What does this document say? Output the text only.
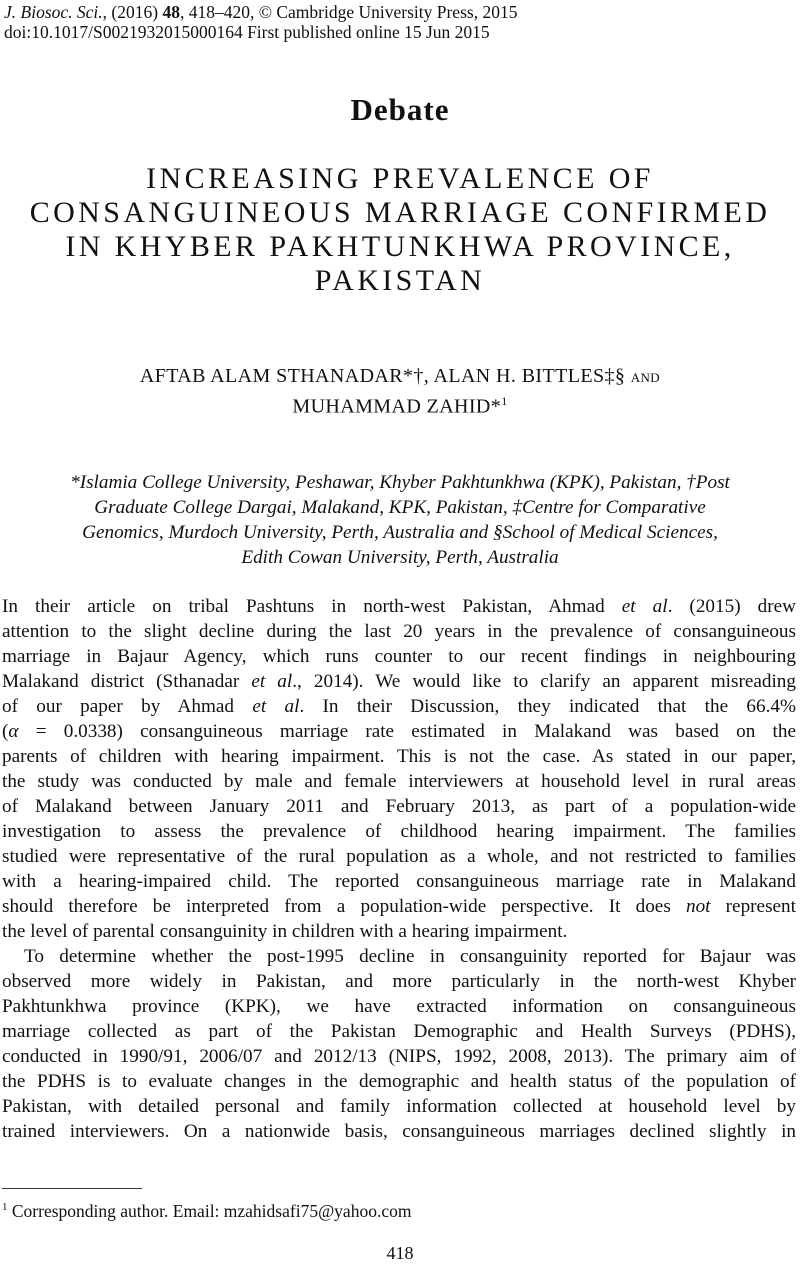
J. Biosoc. Sci., (2016) 48, 418–420, © Cambridge University Press, 2015
doi:10.1017/S0021932015000164 First published online 15 Jun 2015
Debate
INCREASING PREVALENCE OF
CONSANGUINEOUS MARRIAGE CONFIRMED
IN KHYBER PAKHTUNKHWA PROVINCE,
PAKISTAN
AFTAB ALAM STHANADAR*†, ALAN H. BITTLES‡§ and
MUHAMMAD ZAHID*$^1$
*Islamia College University, Peshawar, Khyber Pakhtunkhwa (KPK), Pakistan, †Post
Graduate College Dargai, Malakand, KPK, Pakistan, ‡Centre for Comparative
Genomics, Murdoch University, Perth, Australia and §School of Medical Sciences,
Edith Cowan University, Perth, Australia
In their article on tribal Pashtuns in north-west Pakistan, Ahmad et al. (2015) drew
attention to the slight decline during the last 20 years in the prevalence of consanguineous
marriage in Bajaur Agency, which runs counter to our recent findings in neighbouring
Malakand district (Sthanadar et al., 2014). We would like to clarify an apparent misreading
of our paper by Ahmad et al. In their Discussion, they indicated that the 66.4%
(α = 0.0338) consanguineous marriage rate estimated in Malakand was based on the
parents of children with hearing impairment. This is not the case. As stated in our paper,
the study was conducted by male and female interviewers at household level in rural areas
of Malakand between January 2011 and February 2013, as part of a population-wide
investigation to assess the prevalence of childhood hearing impairment. The families
studied were representative of the rural population as a whole, and not restricted to families
with a hearing-impaired child. The reported consanguineous marriage rate in Malakand
should therefore be interpreted from a population-wide perspective. It does not represent
the level of parental consanguinity in children with a hearing impairment.
To determine whether the post-1995 decline in consanguinity reported for Bajaur was
observed more widely in Pakistan, and more particularly in the north-west Khyber
Pakhtunkhwa province (KPK), we have extracted information on consanguineous
marriage collected as part of the Pakistan Demographic and Health Surveys (PDHS),
conducted in 1990/91, 2006/07 and 2012/13 (NIPS, 1992, 2008, 2013). The primary aim of
the PDHS is to evaluate changes in the demographic and health status of the population of
Pakistan, with detailed personal and family information collected at household level by
trained interviewers. On a nationwide basis, consanguineous marriages declined slightly in
$^1$ Corresponding author. Email: mzahidsafi75@yahoo.com
418
